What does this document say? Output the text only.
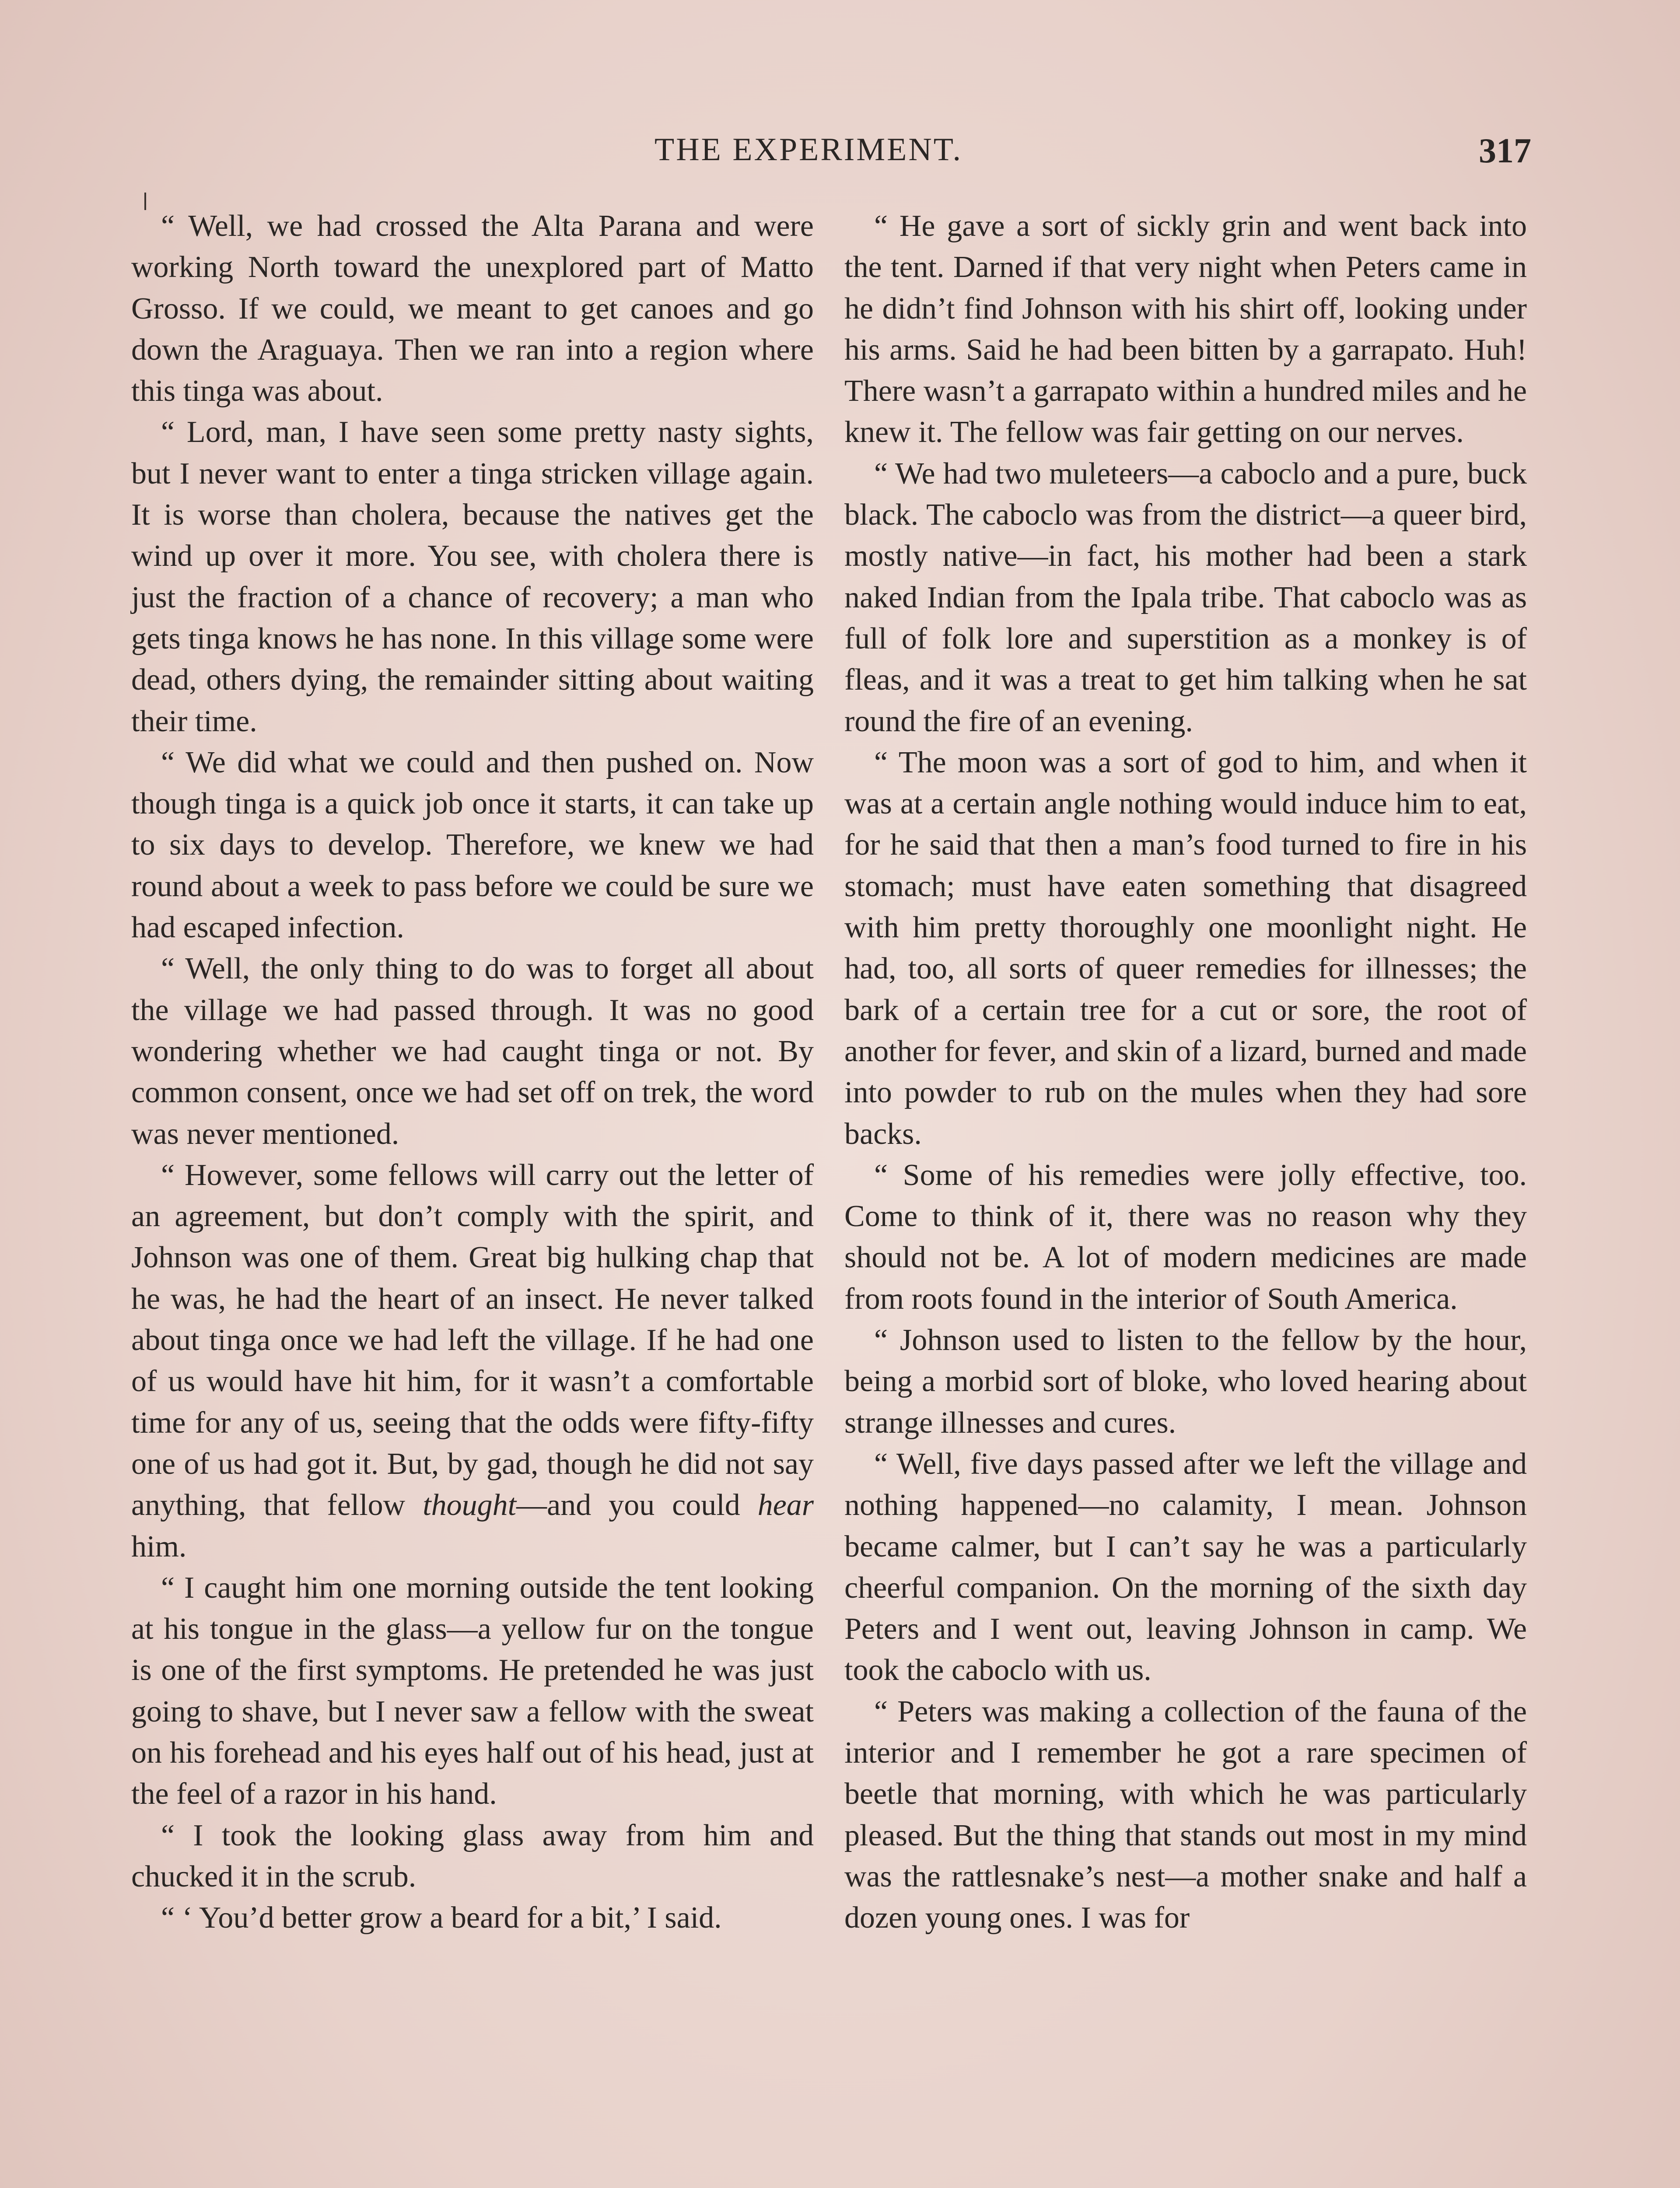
THE EXPERIMENT.	317

“ Well, we had crossed the Alta Parana and were working North toward the unexplored part of Matto Grosso. If we could, we meant to get canoes and go down the Araguaya. Then we ran into a region where this tinga was about.

“ Lord, man, I have seen some pretty nasty sights, but I never want to enter a tinga stricken village again. It is worse than cholera, because the natives get the wind up over it more. You see, with cholera there is just the fraction of a chance of recovery; a man who gets tinga knows he has none. In this village some were dead, others dying, the remainder sitting about waiting their time.

“ We did what we could and then pushed on. Now though tinga is a quick job once it starts, it can take up to six days to develop. Therefore, we knew we had round about a week to pass before we could be sure we had escaped infection.

“ Well, the only thing to do was to forget all about the village we had passed through. It was no good wondering whether we had caught tinga or not. By common consent, once we had set off on trek, the word was never mentioned.

“ However, some fellows will carry out the letter of an agreement, but don’t comply with the spirit, and Johnson was one of them. Great big hulking chap that he was, he had the heart of an insect. He never talked about tinga once we had left the village. If he had one of us would have hit him, for it wasn’t a comfortable time for any of us, seeing that the odds were fifty-fifty one of us had got it. But, by gad, though he did not say anything, that fellow thought—and you could hear him.

“ I caught him one morning outside the tent looking at his tongue in the glass—a yellow fur on the tongue is one of the first symptoms. He pretended he was just going to shave, but I never saw a fellow with the sweat on his forehead and his eyes half out of his head, just at the feel of a razor in his hand.

“ I took the looking glass away from him and chucked it in the scrub.

“ ‘ You’d better grow a beard for a bit,’ I said.

“ He gave a sort of sickly grin and went back into the tent. Darned if that very night when Peters came in he didn’t find Johnson with his shirt off, looking under his arms. Said he had been bitten by a garrapato. Huh! There wasn’t a garrapato within a hundred miles and he knew it. The fellow was fair getting on our nerves.

“ We had two muleteers—a caboclo and a pure, buck black. The caboclo was from the district—a queer bird, mostly native—in fact, his mother had been a stark naked Indian from the Ipala tribe. That caboclo was as full of folk lore and superstition as a monkey is of fleas, and it was a treat to get him talking when he sat round the fire of an evening.

“ The moon was a sort of god to him, and when it was at a certain angle nothing would induce him to eat, for he said that then a man’s food turned to fire in his stomach; must have eaten something that disagreed with him pretty thoroughly one moonlight night. He had, too, all sorts of queer remedies for illnesses; the bark of a certain tree for a cut or sore, the root of another for fever, and skin of a lizard, burned and made into powder to rub on the mules when they had sore backs.

“ Some of his remedies were jolly effective, too. Come to think of it, there was no reason why they should not be. A lot of modern medicines are made from roots found in the interior of South America.

“ Johnson used to listen to the fellow by the hour, being a morbid sort of bloke, who loved hearing about strange illnesses and cures.

“ Well, five days passed after we left the village and nothing happened—no calamity, I mean. Johnson became calmer, but I can’t say he was a particularly cheerful companion. On the morning of the sixth day Peters and I went out, leaving Johnson in camp. We took the caboclo with us.

“ Peters was making a collection of the fauna of the interior and I remember he got a rare specimen of beetle that morning, with which he was particularly pleased. But the thing that stands out most in my mind was the rattlesnake’s nest—a mother snake and half a dozen young ones. I was for
